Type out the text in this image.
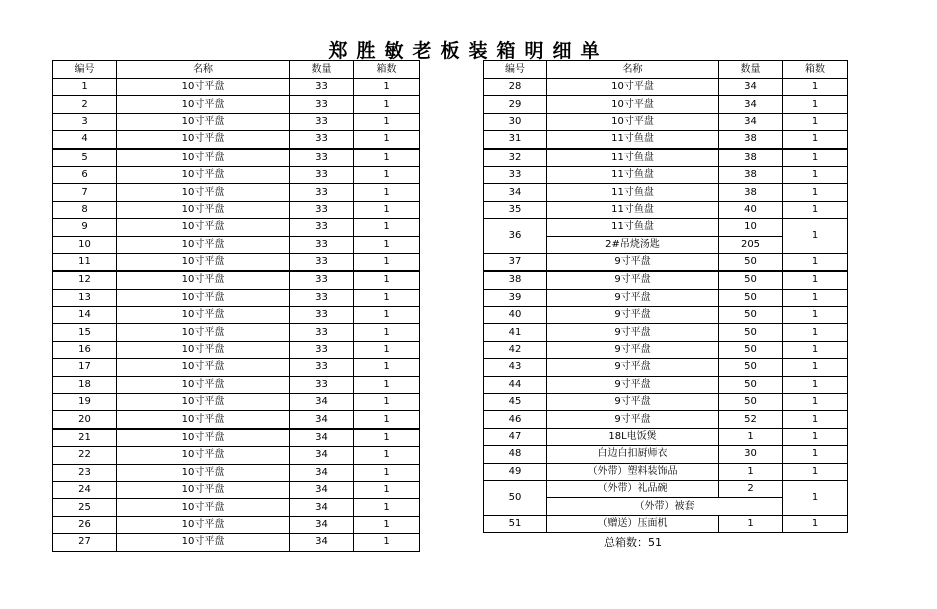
郑胜敏老板装箱明细单
编号	名称	数量	箱数
1	10寸平盘	33	1
2	10寸平盘	33	1
3	10寸平盘	33	1
4	10寸平盘	33	1
5	10寸平盘	33	1
6	10寸平盘	33	1
7	10寸平盘	33	1
8	10寸平盘	33	1
9	10寸平盘	33	1
10	10寸平盘	33	1
11	10寸平盘	33	1
12	10寸平盘	33	1
13	10寸平盘	33	1
14	10寸平盘	33	1
15	10寸平盘	33	1
16	10寸平盘	33	1
17	10寸平盘	33	1
18	10寸平盘	33	1
19	10寸平盘	34	1
20	10寸平盘	34	1
21	10寸平盘	34	1
22	10寸平盘	34	1
23	10寸平盘	34	1
24	10寸平盘	34	1
25	10寸平盘	34	1
26	10寸平盘	34	1
27	10寸平盘	34	1
编号	名称	数量	箱数
28	10寸平盘	34	1
29	10寸平盘	34	1
30	10寸平盘	34	1
31	11寸鱼盘	38	1
32	11寸鱼盘	38	1
33	11寸鱼盘	38	1
34	11寸鱼盘	38	1
35	11寸鱼盘	40	1
36	11寸鱼盘	10	1
	2#吊烧汤匙	205	
37	9寸平盘	50	1
38	9寸平盘	50	1
39	9寸平盘	50	1
40	9寸平盘	50	1
41	9寸平盘	50	1
42	9寸平盘	50	1
43	9寸平盘	50	1
44	9寸平盘	50	1
45	9寸平盘	50	1
46	9寸平盘	52	1
47	18L电饭煲	1	1
48	白边白扣厨师衣	30	1
49	（外带）塑料装饰品	1	1
50	（外带）礼品碗	2	1
	（外带）被套		
51	（赠送）压面机	1	1
总箱数：51
